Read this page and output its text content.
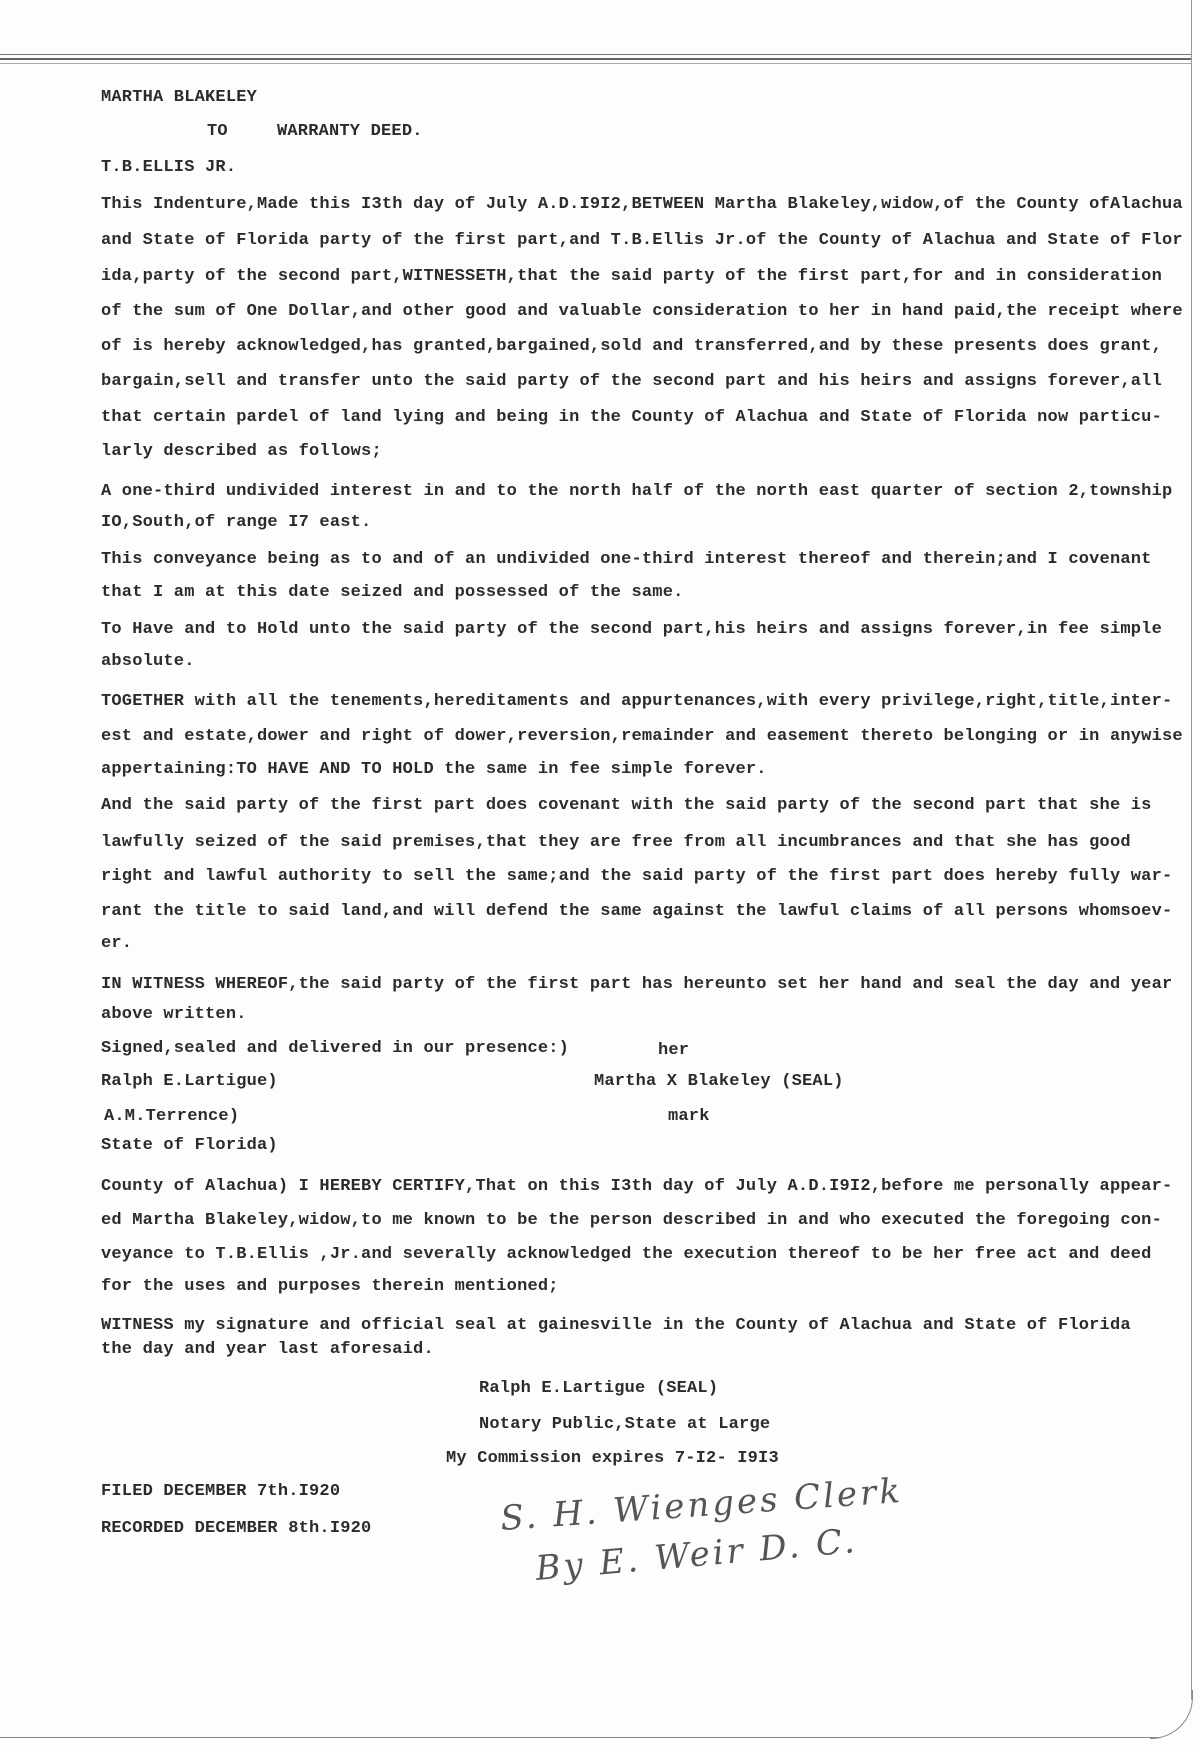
MARTHA BLAKELEY
TO	WARRANTY DEED.
T.B.ELLIS JR.
This Indenture,Made this I3th day of July A.D.I9I2,BETWEEN Martha Blakeley,widow,of the County ofAlachua
and State of Florida party of the first part,and T.B.Ellis Jr.of the County of Alachua and State of Flor
ida,party of the second part,WITNESSETH,that the said party of the first part,for and in consideration
of the sum of One Dollar,and other good and valuable consideration to her in hand paid,the receipt where
of is hereby acknowledged,has granted,bargained,sold and transferred,and by these presents does grant,
bargain,sell and transfer unto the said party of the second part and his heirs and assigns forever,all
that certain pardel of land lying and being in the County of Alachua and State of Florida now particu-
larly described as follows;
A one-third undivided interest in and to the north half of the north east quarter of section 2,township
IO,South,of range I7 east.
This conveyance being as to and of an undivided one-third interest thereof and therein;and I covenant
that I am at this date seized and possessed of the same.
To Have and to Hold unto the said party of the second part,his heirs and assigns forever,in fee simple
absolute.
TOGETHER with all the tenements,hereditaments and appurtenances,with every privilege,right,title,inter-
est and estate,dower and right of dower,reversion,remainder and easement thereto belonging or in anywise
appertaining:TO HAVE AND TO HOLD the same in fee simple forever.
And the said party of the first part does covenant with the said party of the second part that she is
lawfully seized of the said premises,that they are free from all incumbrances and that she has good
right and lawful authority to sell the same;and the said party of the first part does hereby fully war-
rant the title to said land,and will defend the same against the lawful claims of all persons whomsoev-
er.
IN WITNESS WHEREOF,the said party of the first part has hereunto set her hand and seal the day and year
above written.
Signed,sealed and delivered in our presence:)	her
Ralph E.Lartigue)	Martha X Blakeley (SEAL)
A.M.Terrence)	mark
State of Florida)
County of Alachua) I HEREBY CERTIFY,That on this I3th day of July A.D.I9I2,before me personally appear-
ed Martha Blakeley,widow,to me known to be the person described in and who executed the foregoing con-
veyance to T.B.Ellis ,Jr.and severally acknowledged the execution thereof to be her free act and deed
for the uses and purposes therein mentioned;
WITNESS my signature and official seal at gainesville in the County of Alachua and State of Florida
the day and year last aforesaid.
Ralph E.Lartigue (SEAL)
Notary Public,State at Large
My Commission expires 7-I2- I9I3
FILED DECEMBER 7th.I920
RECORDED DECEMBER 8th.I920	S. H. Wienges Clerk
By E. Weir D. C.
